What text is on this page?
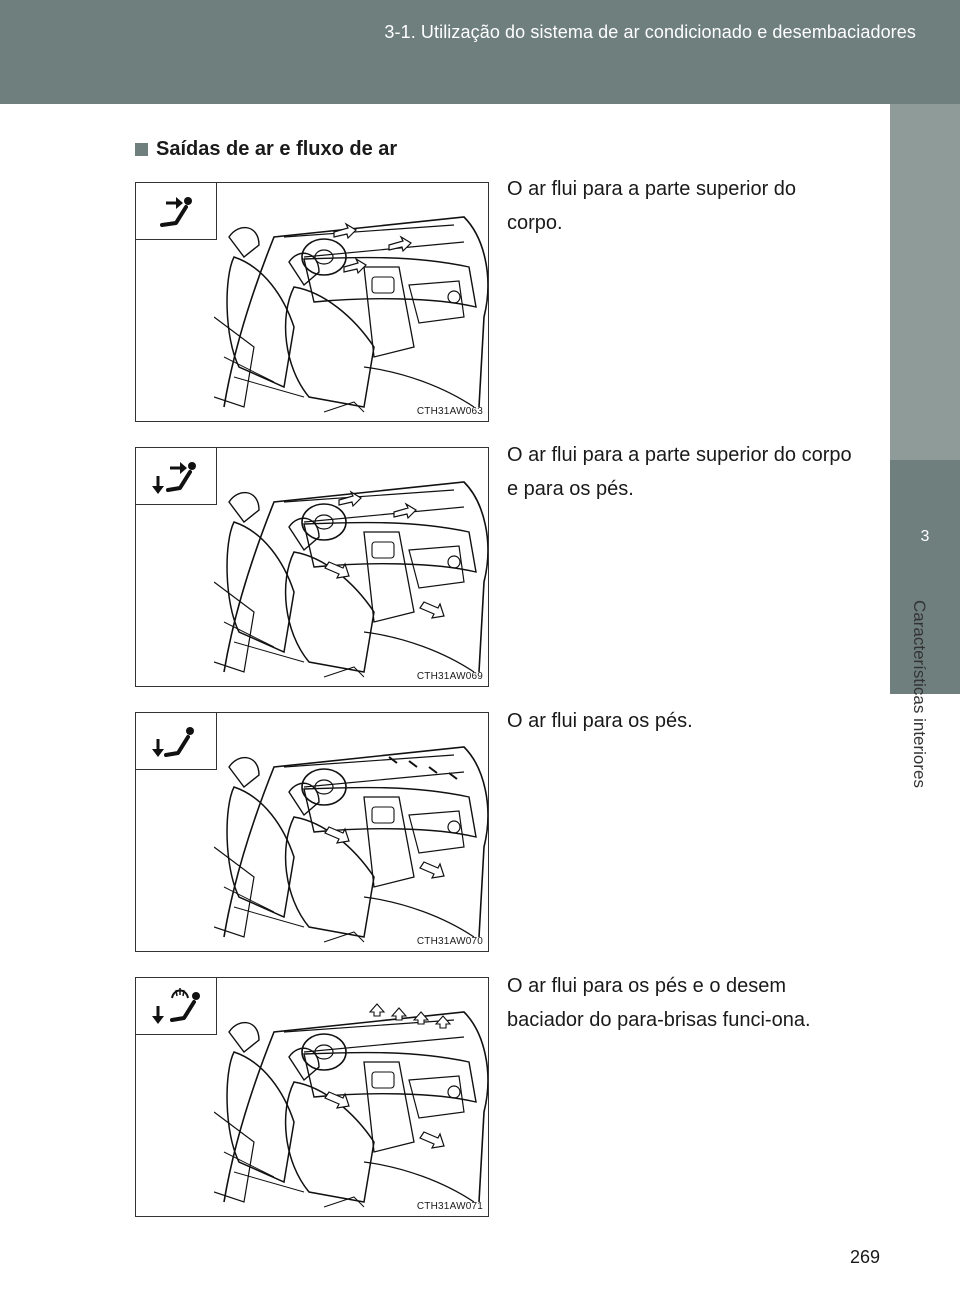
3-1. Utilização do sistema de ar condicionado e desembaciadores
3
Características interiores
Saídas de ar e fluxo de ar
CTH31AW063
O ar flui para a parte superior do corpo.
CTH31AW069
O ar flui para a parte superior do corpo e para os pés.
CTH31AW070
O ar flui para os pés.
CTH31AW071
O ar flui para os pés e o desem baciador do para-brisas funci-ona.
269
